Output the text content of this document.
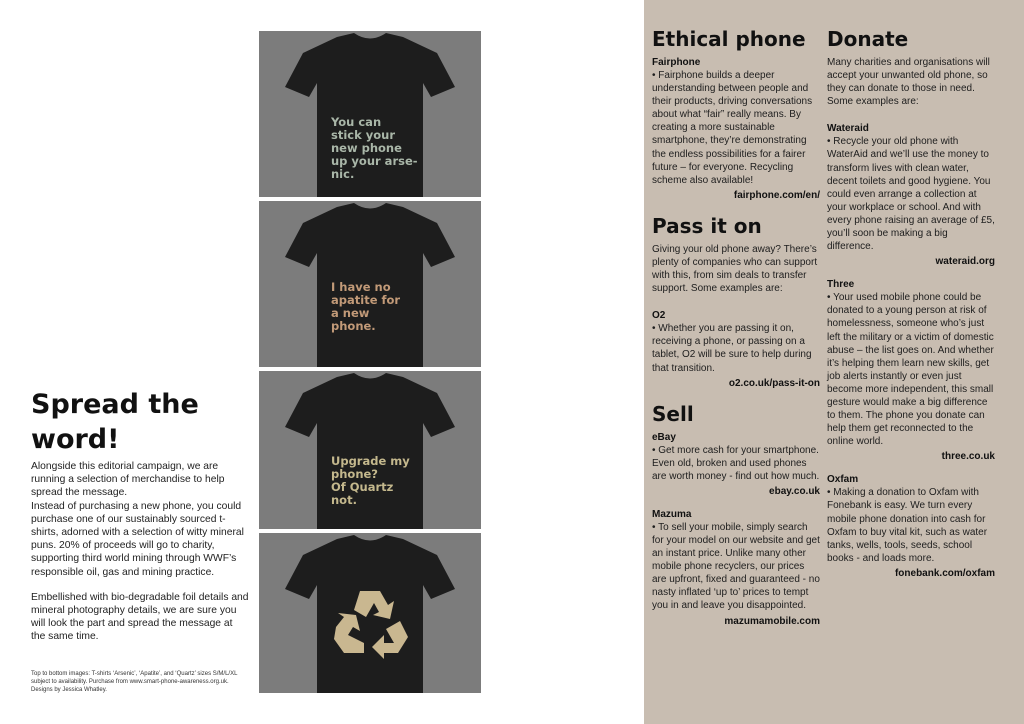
You can
stick your
new phone
up your arse-
nic.
I have no
apatite for
a new
phone.
Upgrade my
phone?
Of Quartz
not.
Spread the word!

Alongside this editorial campaign, we are running a selection of merchandise to help spread the message.

Instead of purchasing a new phone, you could purchase one of our sustainably sourced t-shirts, adorned with a selection of witty mineral puns. 20% of proceeds will go to charity, supporting third world mining through WWF’s responsible oil, gas and mining practice.

Embellished with bio-degradable foil details and mineral photography details, we are sure you will look the part and spread the message at the same time.

Top to bottom images: T-shirts ‘Arsenic’, ‘Apatite’, and ‘Quartz’ sizes S/M/L/XL subject to availability. Purchase from www.smart-phone-awareness.org.uk. Designs by Jessica Whatley.
Ethical phone
Fairphone
• Fairphone builds a deeper understanding between people and their products, driving conversations about what “fair” really means. By creating a more sustainable smartphone, they’re demonstrating the endless possibilities for a fairer future – for everyone. Recycling scheme also available!
fairphone.com/en/
Pass it on
Giving your old phone away? There’s plenty of companies who can support with this, from sim deals to transfer support. Some examples are:
O2
• Whether you are passing it on, receiving a phone, or passing on a tablet, O2 will be sure to help during that transition.
o2.co.uk/pass-it-on
Sell
eBay
• Get more cash for your smartphone. Even old, broken and used phones are worth money - find out how much.
ebay.co.uk
Mazuma
• To sell your mobile, simply search for your model on our website and get an instant price. Unlike many other mobile phone recyclers, our prices are upfront, fixed and guaranteed - no nasty inflated ‘up to’ prices to tempt you in and leave you disappointed.
mazumamobile.com
Donate
Many charities and organisations will accept your unwanted old phone, so they can donate to those in need. Some examples are:
Wateraid
• Recycle your old phone with WaterAid and we’ll use the money to transform lives with clean water, decent toilets and good hygiene. You could even arrange a collection at your workplace or school. And with every phone raising an average of £5, you’ll soon be making a big difference.
wateraid.org
Three
• Your used mobile phone could be donated to a young person at risk of homelessness, someone who’s just left the military or a victim of domestic abuse – the list goes on. And whether it’s helping them learn new skills, get job alerts instantly or even just become more independent, this small gesture would make a big difference to them. The phone you donate can help them get reconnected to the online world.
three.co.uk
Oxfam
• Making a donation to Oxfam with Fonebank is easy. We turn every mobile phone donation into cash for Oxfam to buy vital kit, such as water tanks, wells, tools, seeds, school books - and loads more.
fonebank.com/oxfam
